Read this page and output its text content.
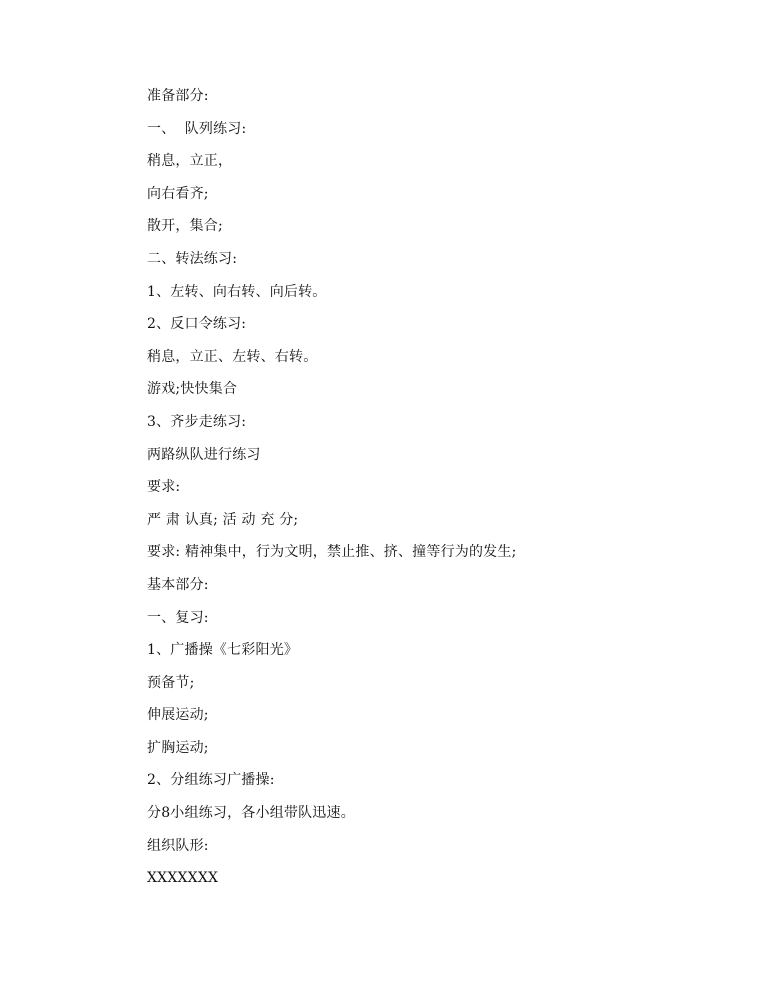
准备部分:
一、  队列练习:
稍息，立正，
向右看齐;
散开，集合;
二、转法练习:
1、左转、向右转、向后转。
2、反口令练习:
稍息，立正、左转、右转。
游戏;快快集合
3、齐步走练习:
两路纵队进行练习
要求:
严 肃 认真; 活 动 充 分;
要求: 精神集中，行为文明，禁止推、挤、撞等行为的发生;
基本部分:
一、复习:
1、广播操《七彩阳光》
预备节;
伸展运动;
扩胸运动;
2、分组练习广播操:
分8小组练习，各小组带队迅速。
组织队形:
XXXXXXX
